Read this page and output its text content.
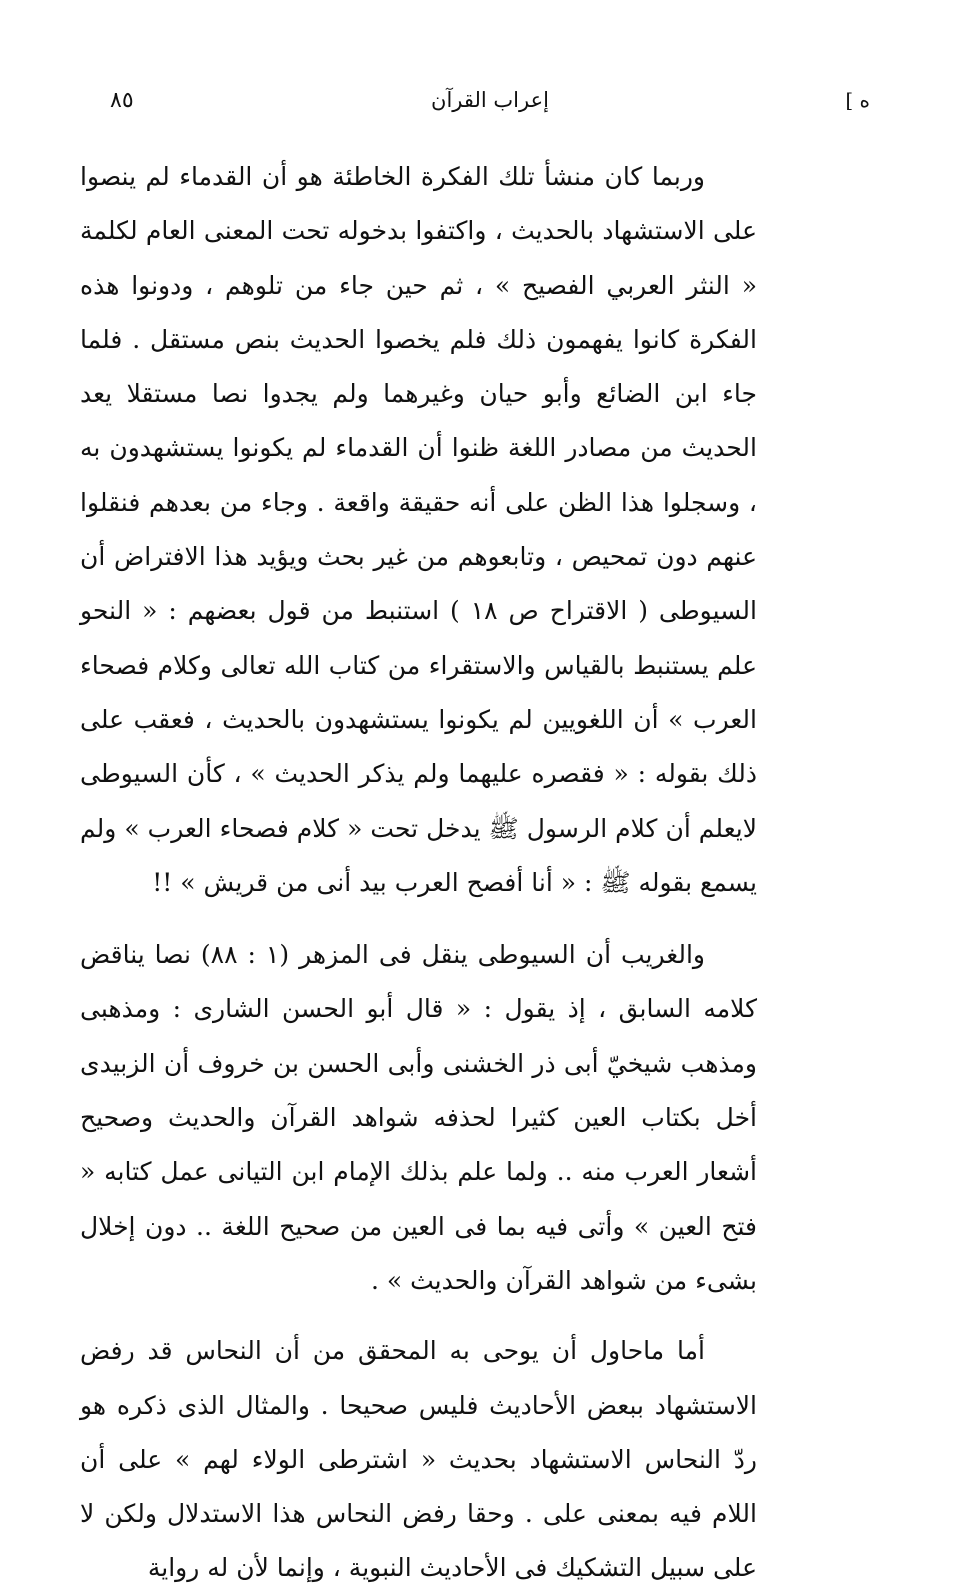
ه ]
إعراب القرآن
٨٥

وربما كان منشأ تلك الفكرة الخاطئة هو أن القدماء لم ينصوا على الاستشهاد بالحديث ، واكتفوا بدخوله تحت المعنى العام لكلمة « النثر العربي الفصيح » ، ثم حين جاء من تلوهم ، ودونوا هذه الفكرة كانوا يفهمون ذلك فلم يخصوا الحديث بنص مستقل . فلما جاء ابن الضائع وأبو حيان وغيرهما ولم يجدوا نصا مستقلا يعد الحديث من مصادر اللغة ظنوا أن القدماء لم يكونوا يستشهدون به ، وسجلوا هذا الظن على أنه حقيقة واقعة . وجاء من بعدهم فنقلوا عنهم دون تمحيص ، وتابعوهم من غير بحث ويؤيد هذا الافتراض أن السيوطى ( الاقتراح ص ١٨ ) استنبط من قول بعضهم : « النحو علم يستنبط بالقياس والاستقراء من كتاب الله تعالى وكلام فصحاء العرب » أن اللغويين لم يكونوا يستشهدون بالحديث ، فعقب على ذلك بقوله : « فقصره عليهما ولم يذكر الحديث » ، كأن السيوطى لايعلم أن كلام الرسول ﷺ يدخل تحت « كلام فصحاء العرب » ولم يسمع بقوله ﷺ : « أنا أفصح العرب بيد أنى من قريش » !!

والغريب أن السيوطى ينقل فى المزهر (١ : ٨٨) نصا يناقض كلامه السابق ، إذ يقول : « قال أبو الحسن الشارى : ومذهبى ومذهب شيخيّ أبى ذر الخشنى وأبى الحسن بن خروف أن الزبيدى أخل بكتاب العين كثيرا لحذفه شواهد القرآن والحديث وصحيح أشعار العرب منه .. ولما علم بذلك الإمام ابن التيانى عمل كتابه « فتح العين » وأتى فيه بما فى العين من صحيح اللغة .. دون إخلال بشىء من شواهد القرآن والحديث » .

أما ماحاول أن يوحى به المحقق من أن النحاس قد رفض الاستشهاد ببعض الأحاديث فليس صحيحا . والمثال الذى ذكره هو ردّ النحاس الاستشهاد بحديث « اشترطى الولاء لهم » على أن اللام فيه بمعنى على . وحقا رفض النحاس هذا الاستدلال ولكن لا على سبيل التشكيك فى الأحاديث النبوية ، وإنما لأن له رواية
